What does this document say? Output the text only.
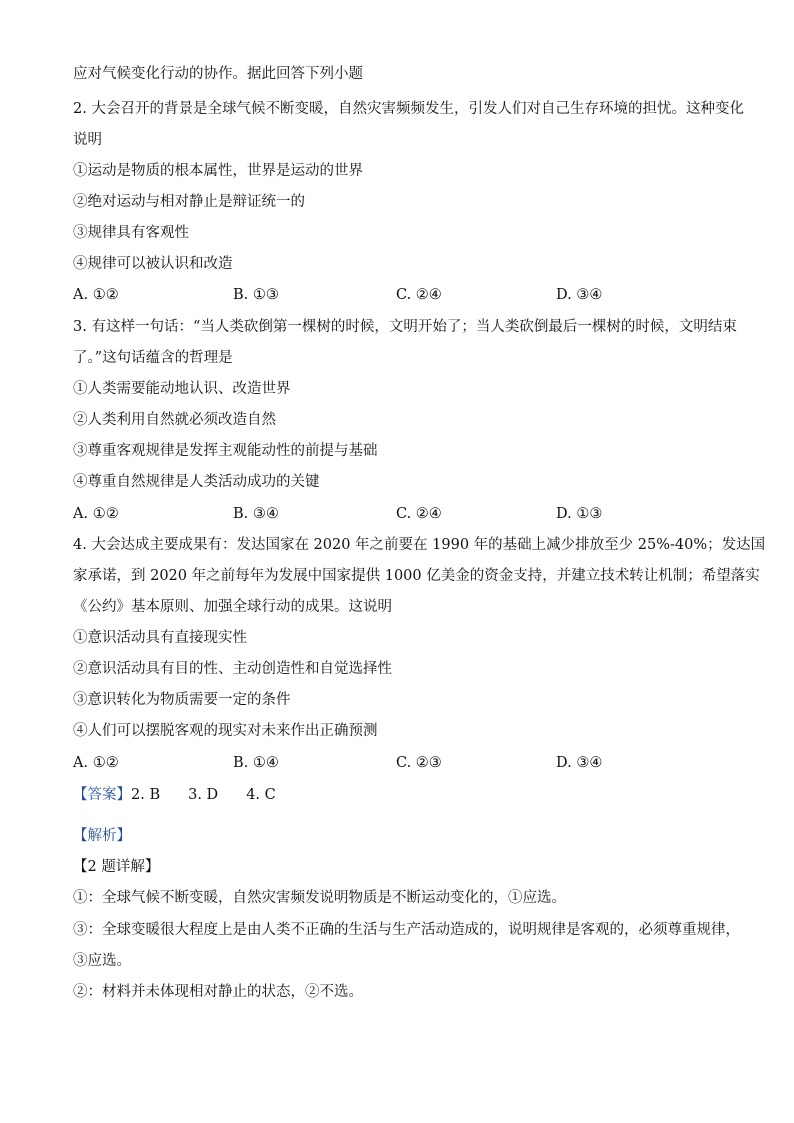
应对气候变化行动的协作。据此回答下列小题
2. 大会召开的背景是全球气候不断变暖，自然灾害频频发生，引发人们对自己生存环境的担忧。这种变化
说明
①运动是物质的根本属性，世界是运动的世界
②绝对运动与相对静止是辩证统一的
③规律具有客观性
④规律可以被认识和改造
A. ①②	B. ①③	C. ②④	D. ③④
3. 有这样一句话：“当人类砍倒第一棵树的时候，文明开始了；当人类砍倒最后一棵树的时候，文明结束
了。”这句话蕴含的哲理是
①人类需要能动地认识、改造世界
②人类利用自然就必须改造自然
③尊重客观规律是发挥主观能动性的前提与基础
④尊重自然规律是人类活动成功的关键
A. ①②	B. ③④	C. ②④	D. ①③
4. 大会达成主要成果有：发达国家在 2020 年之前要在 1990 年的基础上减少排放至少 25%-40%；发达国
家承诺，到 2020 年之前每年为发展中国家提供 1000 亿美金的资金支持，并建立技术转让机制；希望落实
《公约》基本原则、加强全球行动的成果。这说明
①意识活动具有直接现实性
②意识活动具有目的性、主动创造性和自觉选择性
③意识转化为物质需要一定的条件
④人们可以摆脱客观的现实对未来作出正确预测
A. ①②	B. ①④	C. ②③	D. ③④
【答案】2. B 3. D 4. C
【解析】
【2 题详解】
①：全球气候不断变暖，自然灾害频发说明物质是不断运动变化的，①应选。
③：全球变暖很大程度上是由人类不正确的生活与生产活动造成的，说明规律是客观的，必须尊重规律，
③应选。
②：材料并未体现相对静止的状态，②不选。
